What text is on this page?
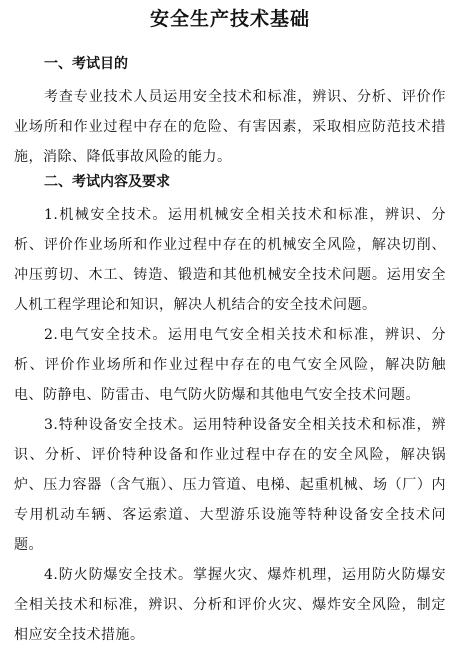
安全生产技术基础
一、考试目的

考查专业技术人员运用安全技术和标准，辨识、分析、评价作业场所和作业过程中存在的危险、有害因素，采取相应防范技术措施，消除、降低事故风险的能力。

二、考试内容及要求

1.机械安全技术。运用机械安全相关技术和标准，辨识、分析、评价作业场所和作业过程中存在的机械安全风险，解决切削、冲压剪切、木工、铸造、锻造和其他机械安全技术问题。运用安全人机工程学理论和知识，解决人机结合的安全技术问题。

2.电气安全技术。运用电气安全相关技术和标准，辨识、分析、评价作业场所和作业过程中存在的电气安全风险，解决防触电、防静电、防雷击、电气防火防爆和其他电气安全技术问题。

3.特种设备安全技术。运用特种设备安全相关技术和标准，辨识、分析、评价特种设备和作业过程中存在的安全风险，解决锅炉、压力容器（含气瓶）、压力管道、电梯、起重机械、场（厂）内专用机动车辆、客运索道、大型游乐设施等特种设备安全技术问题。

4.防火防爆安全技术。掌握火灾、爆炸机理，运用防火防爆安全相关技术和标准，辨识、分析和评价火灾、爆炸安全风险，制定相应安全技术措施。
